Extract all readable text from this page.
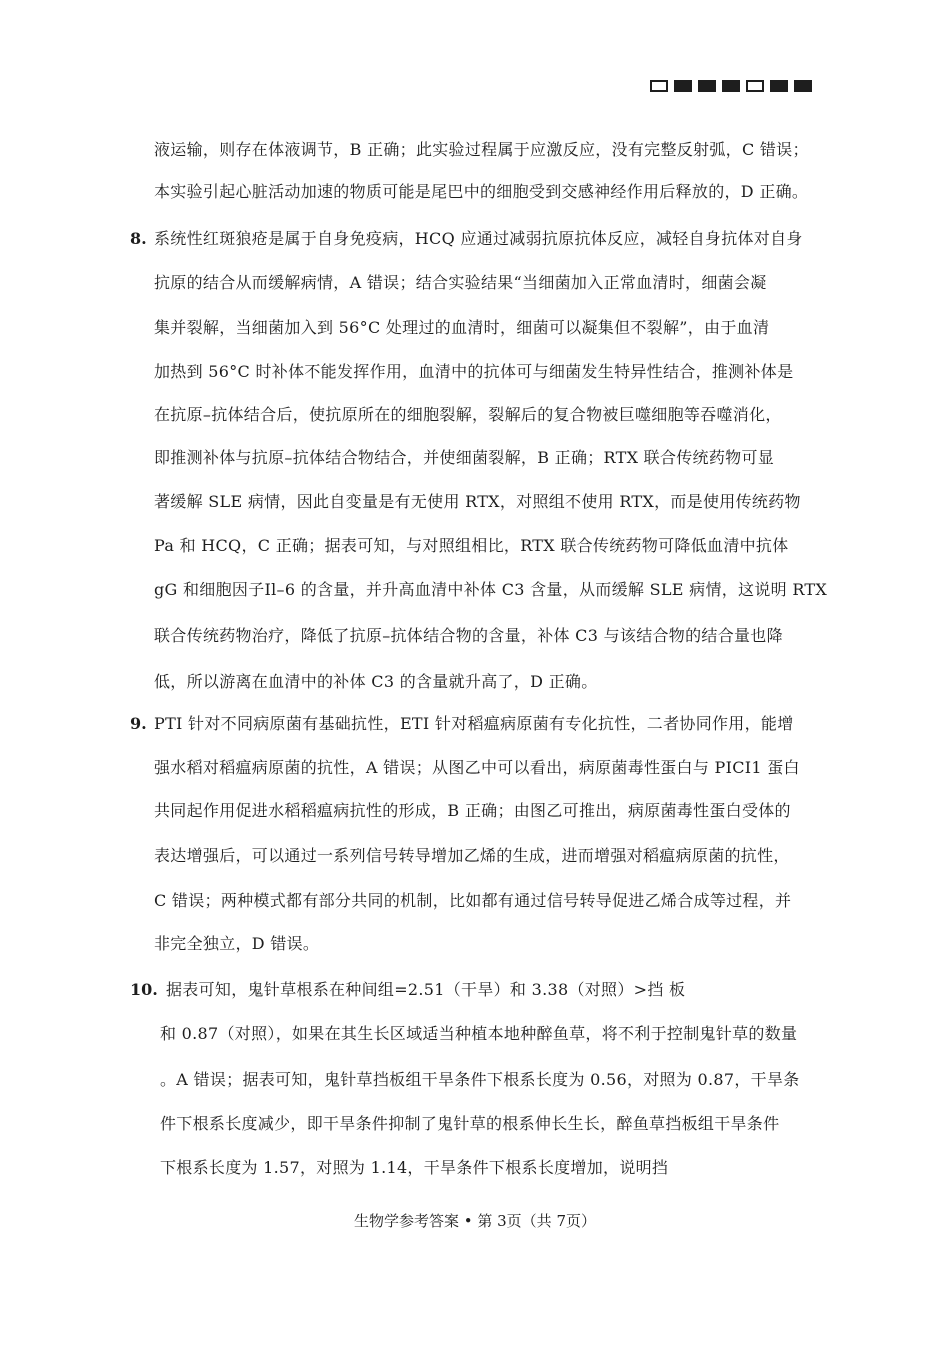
液运输，则存在体液调节，B 正确；此实验过程属于应激反应，没有完整反射弧，C 错误；
本实验引起心脏活动加速的物质可能是尾巴中的细胞受到交感神经作用后释放的，D 正确。
8. 系统性红斑狼疮是属于自身免疫病，HCQ 应通过减弱抗原抗体反应，减轻自身抗体对自身
抗原的结合从而缓解病情，A 错误；结合实验结果“当细菌加入正常血清时，细菌会凝
集并裂解，当细菌加入到 56°C 处理过的血清时，细菌可以凝集但不裂解”，由于血清
加热到 56°C 时补体不能发挥作用，血清中的抗体可与细菌发生特异性结合，推测补体是
在抗原–抗体结合后，使抗原所在的细胞裂解，裂解后的复合物被巨噬细胞等吞噬消化，
即推测补体与抗原–抗体结合物结合，并使细菌裂解，B 正确；RTX 联合传统药物可显
著缓解 SLE 病情，因此自变量是有无使用 RTX，对照组不使用 RTX，而是使用传统药物
Pa 和 HCQ，C 正确；据表可知，与对照组相比，RTX 联合传统药物可降低血清中抗体
gG 和细胞因子Il–6 的含量，并升高血清中补体 C3 含量，从而缓解 SLE 病情，这说明 RTX
联合传统药物治疗，降低了抗原–抗体结合物的含量，补体 C3 与该结合物的结合量也降
低，所以游离在血清中的补体 C3 的含量就升高了，D 正确。
9. PTI 针对不同病原菌有基础抗性，ETI 针对稻瘟病原菌有专化抗性，二者协同作用，能增
强水稻对稻瘟病原菌的抗性，A 错误；从图乙中可以看出，病原菌毒性蛋白与 PICI1 蛋白
共同起作用促进水稻稻瘟病抗性的形成，B 正确；由图乙可推出，病原菌毒性蛋白受体的
表达增强后，可以通过一系列信号转导增加乙烯的生成，进而增强对稻瘟病原菌的抗性，
C 错误；两种模式都有部分共同的机制，比如都有通过信号转导促进乙烯合成等过程，并
非完全独立，D 错误。
10. 据表可知，鬼针草根系在种间组=2.51（干旱）和 3.38（对照）>挡 板
和 0.87（对照），如果在其生长区域适当种植本地种醉鱼草，将不利于控制鬼针草的数量
。A 错误；据表可知，鬼针草挡板组干旱条件下根系长度为 0.56，对照为 0.87，干旱条
件下根系长度减少，即干旱条件抑制了鬼针草的根系伸长生长，醉鱼草挡板组干旱条件
下根系长度为 1.57，对照为 1.14，干旱条件下根系长度增加，说明挡
生物学参考答案 • 第 3页（共 7页）
